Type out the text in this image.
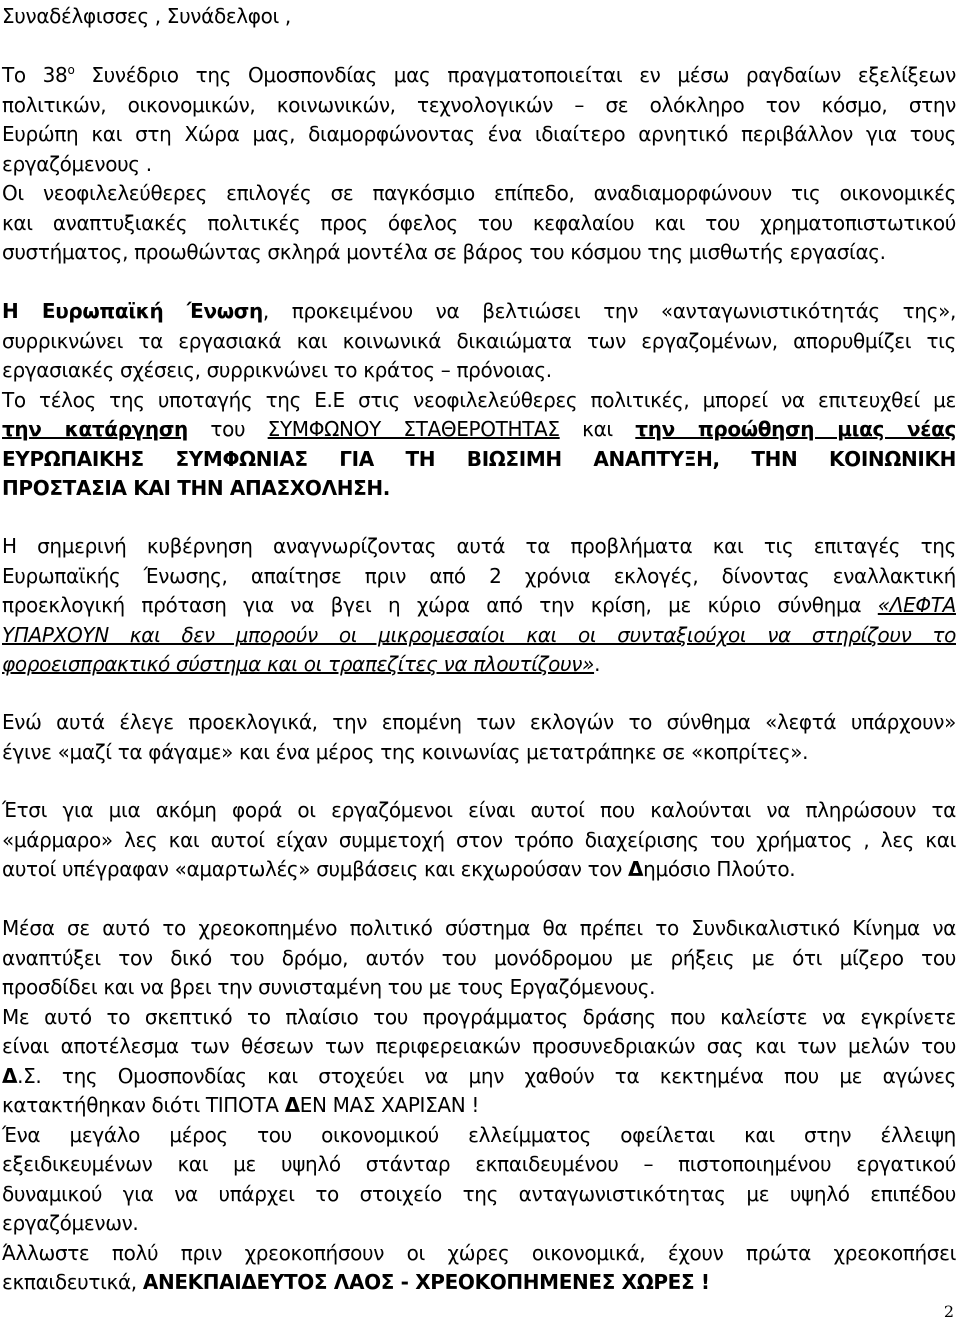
Συναδέλφισσες , Συνάδελφοι ,
Το $38^o$ Συνέδριο της Ομοσπονδίας μας πραγματοποιείται εν μέσω ραγδαίων εξελίξεων
πολιτικών, οικονομικών, κοινωνικών, τεχνολογικών – σε ολόκληρο τον κόσμο, στην
Ευρώπη και στη Χώρα μας, διαμορφώνοντας ένα ιδιαίτερο αρνητικό περιβάλλον για τους
εργαζόμενους .
Οι νεοφιλελεύθερες επιλογές σε παγκόσμιο επίπεδο, αναδιαμορφώνουν τις οικονομικές
και αναπτυξιακές πολιτικές προς όφελος του κεφαλαίου και του χρηματοπιστωτικού
συστήματος, προωθώντας σκληρά μοντέλα σε βάρος του κόσμου της μισθωτής εργασίας.
Η Ευρωπαϊκή Ένωση, προκειμένου να βελτιώσει την «ανταγωνιστικότητάς της»,
συρρικνώνει τα εργασιακά και κοινωνικά δικαιώματα των εργαζομένων, απορυθμίζει τις
εργασιακές σχέσεις, συρρικνώνει το κράτος – πρόνοιας.
Το τέλος της υποταγής της Ε.Ε στις νεοφιλελεύθερες πολιτικές, μπορεί να επιτευχθεί με
την κατάργηση του ΣΥΜΦΩΝΟΥ ΣΤΑΘΕΡΟΤΗΤΑΣ και την προώθηση μιας νέας
ΕΥΡΩΠΑΙΚΗΣ ΣΥΜΦΩΝΙΑΣ ΓΙΑ ΤΗ ΒΙΩΣΙΜΗ ΑΝΑΠΤΥΞΗ, ΤΗΝ ΚΟΙΝΩΝΙΚΗ
ΠΡΟΣΤΑΣΙΑ ΚΑΙ ΤΗΝ ΑΠΑΣΧΟΛΗΣΗ.
Η σημερινή κυβέρνηση αναγνωρίζοντας αυτά τα προβλήματα και τις επιταγές της
Ευρωπαϊκής Ένωσης, απαίτησε πριν από 2 χρόνια εκλογές, δίνοντας εναλλακτική
προεκλογική πρόταση για να βγει η χώρα από την κρίση, με κύριο σύνθημα «ΛΕΦΤΑ
ΥΠΑΡΧΟΥΝ και δεν μπορούν οι μικρομεσαίοι και οι συνταξιούχοι να στηρίζουν το
φοροεισπρακτικό σύστημα και οι τραπεζίτες να πλουτίζουν».
Ενώ αυτά έλεγε προεκλογικά, την επομένη των εκλογών το σύνθημα «λεφτά υπάρχουν»
έγινε «μαζί τα φάγαμε» και ένα μέρος της κοινωνίας μετατράπηκε σε «κοπρίτες».
Έτσι για μια ακόμη φορά οι εργαζόμενοι είναι αυτοί που καλούνται να πληρώσουν τα
«μάρμαρο» λες και αυτοί είχαν συμμετοχή στον τρόπο διαχείρισης του χρήματος , λες και
αυτοί υπέγραφαν «αμαρτωλές» συμβάσεις και εκχωρούσαν τον Δημόσιο Πλούτο.
Μέσα σε αυτό το χρεοκοπημένο πολιτικό σύστημα θα πρέπει το Συνδικαλιστικό Κίνημα να
αναπτύξει τον δικό του δρόμο, αυτόν του μονόδρομου με ρήξεις με ότι μίζερο του
προσδίδει και να βρει την συνισταμένη του με τους Εργαζόμενους.
Με αυτό το σκεπτικό το πλαίσιο του προγράμματος δράσης που καλείστε να εγκρίνετε
είναι αποτέλεσμα των θέσεων των περιφερειακών προσυνεδριακών σας και των μελών του
Δ.Σ. της Ομοσπονδίας και στοχεύει να μην χαθούν τα κεκτημένα που με αγώνες
κατακτήθηκαν διότι ΤΙΠΟΤΑ ΔΕΝ ΜΑΣ ΧΑΡΙΣΑΝ !
Ένα μεγάλο μέρος του οικονομικού ελλείμματος οφείλεται και στην έλλειψη
εξειδικευμένων και με υψηλό στάνταρ εκπαιδευμένου – πιστοποιημένου εργατικού
δυναμικού για να υπάρχει το στοιχείο της ανταγωνιστικότητας με υψηλό επιπέδου
εργαζόμενων.
Άλλωστε πολύ πριν χρεοκοπήσουν οι χώρες οικονομικά, έχουν πρώτα χρεοκοπήσει
εκπαιδευτικά, ΑΝΕΚΠΑΙΔΕΥΤΟΣ ΛΑΟΣ - ΧΡΕΟΚΟΠΗΜΕΝΕΣ ΧΩΡΕΣ !
2
